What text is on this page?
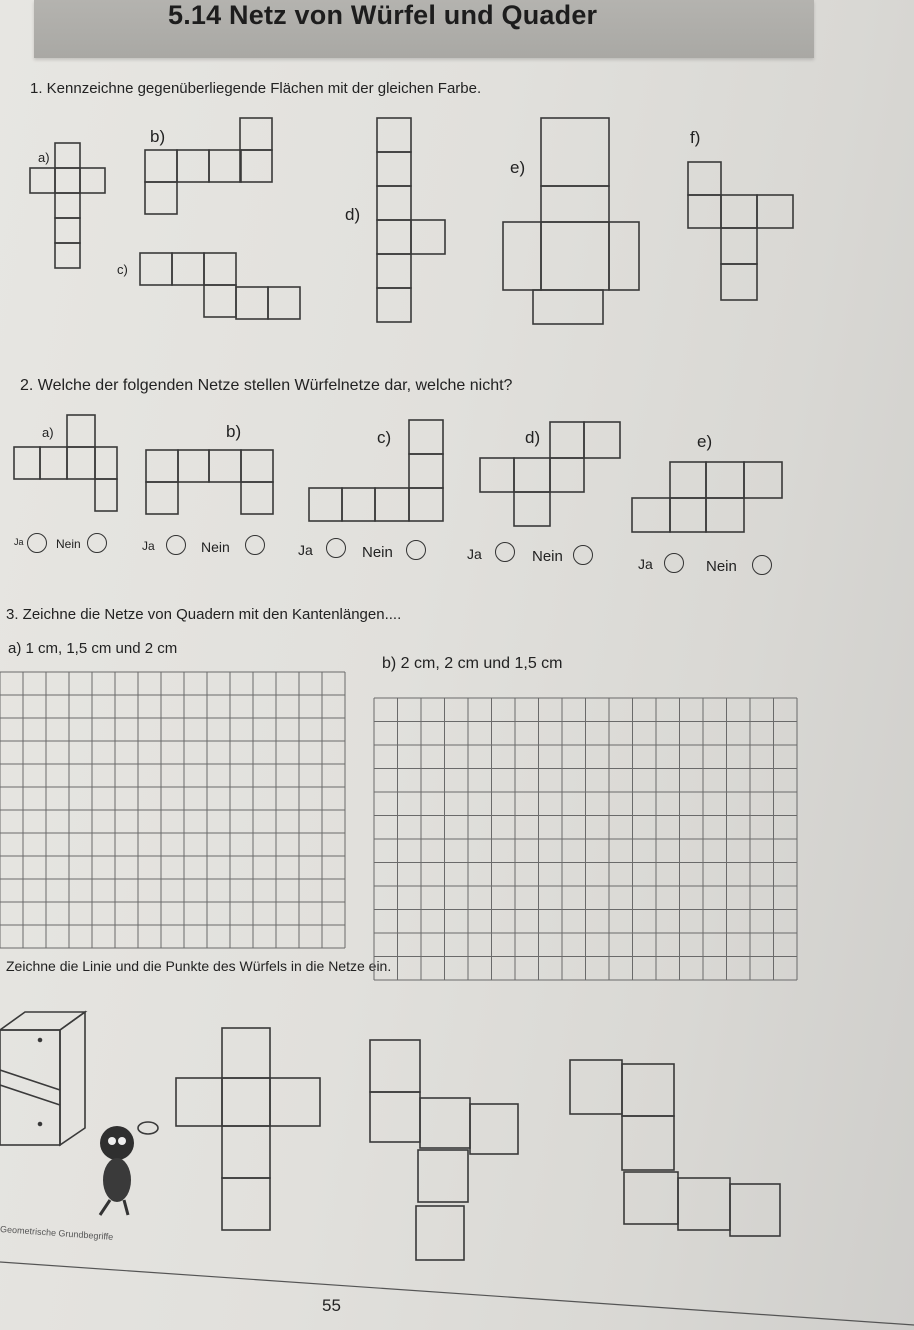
5.14 Netz von Würfel und Quader
1. Kennzeichne gegenüberliegende Flächen mit der gleichen Farbe.
a)
b)
c)
d)
e)
f)
2. Welche der folgenden Netze stellen Würfelnetze dar, welche nicht?
a)	b)	c)	d)	e)
Ja	Nein	Ja	Nein	Ja	Nein	Ja	Nein	Ja	Nein
3. Zeichne die Netze von Quadern mit den Kantenlängen....
a) 1 cm, 1,5 cm und 2 cm
b) 2 cm, 2 cm und 1,5 cm
Zeichne die Linie und die Punkte des Würfels in die Netze ein.
Geometrische Grundbegriffe
55
